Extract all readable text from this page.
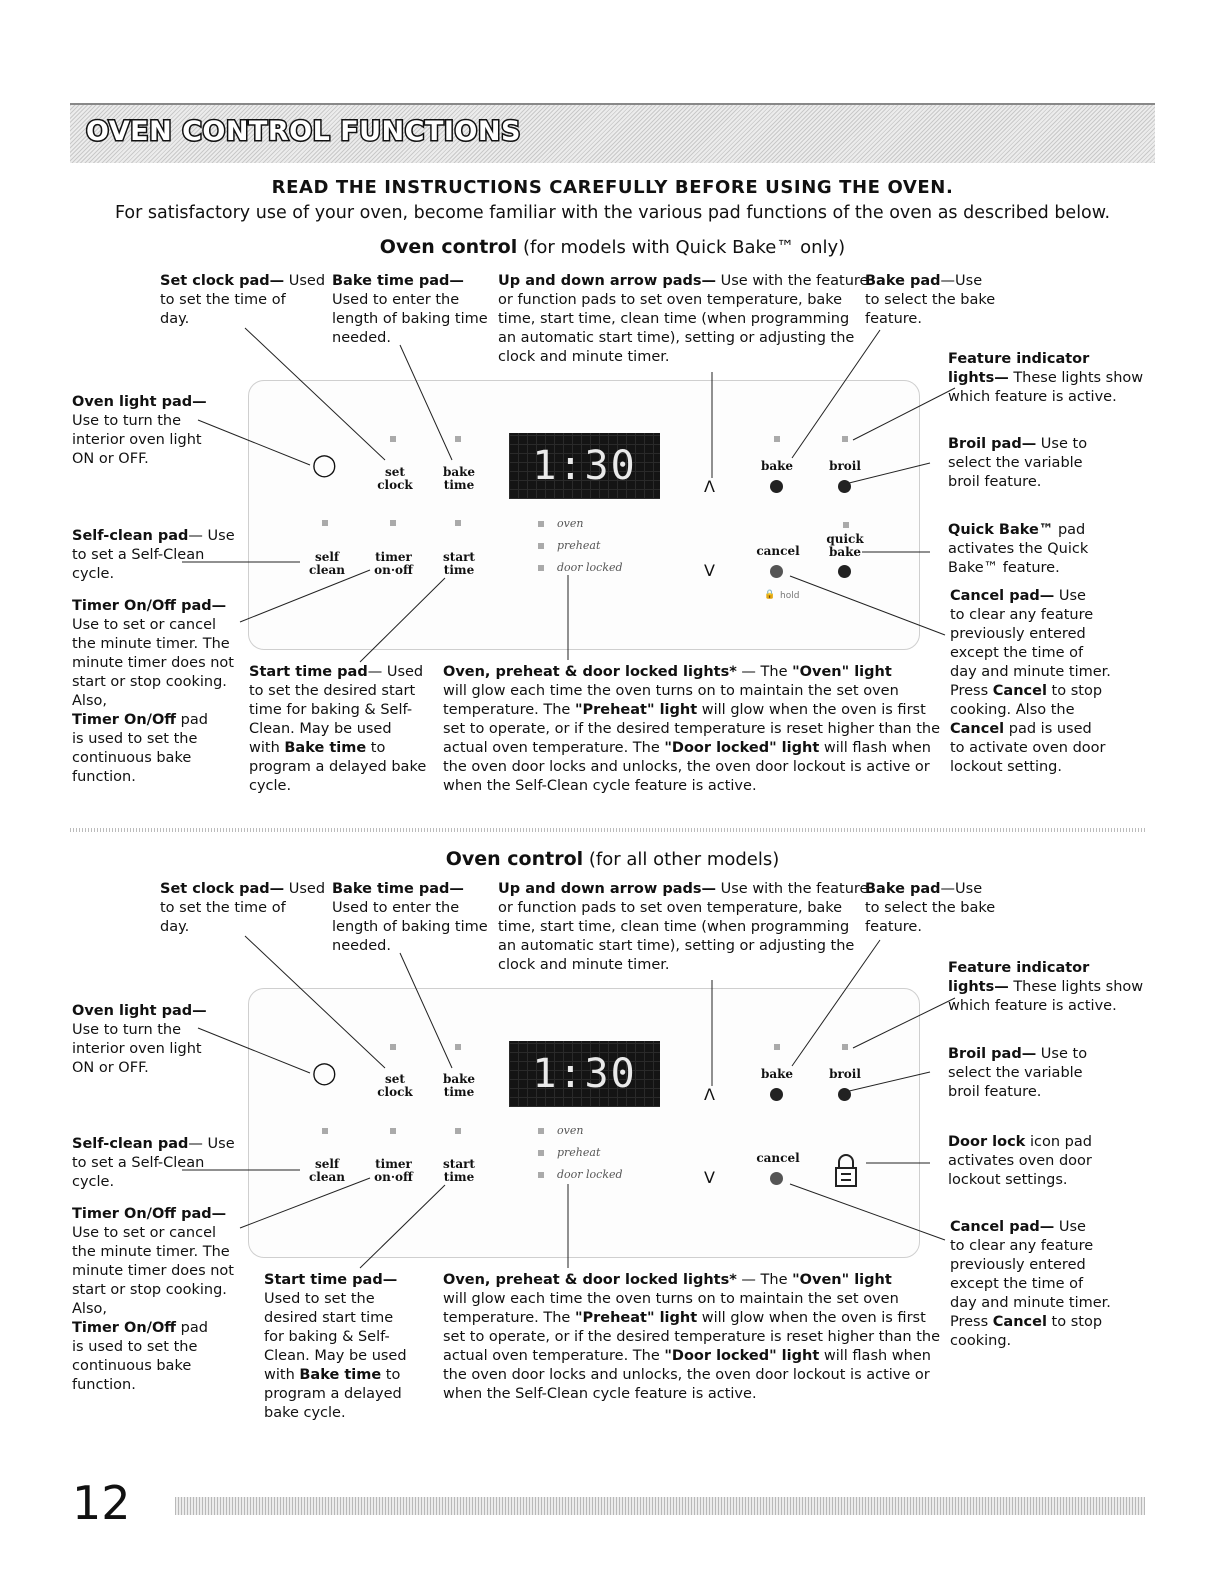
OVEN CONTROL FUNCTIONS
READ THE INSTRUCTIONS CAREFULLY BEFORE USING THE OVEN.
For satisfactory use of your oven, become familiar with the various pad functions of the oven as described below.
Oven control (for models with Quick Bake™ only)
Set clock pad— Used
to set the time of
day.
Bake time pad—
Used to enter the
length of baking time
needed.
Up and down arrow pads— Use with the feature
or function pads to set oven temperature, bake
time, start time, clean time (when programming
an automatic start time), setting or adjusting the
clock and minute timer.
Bake pad—Use
to select the bake
feature.
Feature indicator
lights— These lights show
which feature is active.
Broil pad— Use to
select the variable
broil feature.
Quick Bake™ pad
activates the Quick
Bake™ feature.
Cancel pad— Use
to clear any feature
previously entered
except the time of
day and minute timer.
Press Cancel to stop
cooking. Also the
Cancel pad is used
to activate oven door
lockout setting.
Oven light pad—
Use to turn the
interior oven light
ON or OFF.
Self-clean pad— Use
to set a Self-Clean
cycle.
Timer On/Off pad—
Use to set or cancel
the minute timer. The
minute timer does not
start or stop cooking.
Also,
Timer On/Off pad
is used to set the
continuous bake
function.
Start time pad— Used
to set the desired start
time for baking & Self-
Clean. May be used
with Bake time to
program a delayed bake
cycle.
Oven, preheat & door locked lights* — The "Oven" light
will glow each time the oven turns on to maintain the set oven
temperature. The "Preheat" light will glow when the oven is first
set to operate, or if the desired temperature is reset higher than the
actual oven temperature. The "Door locked" light will flash when
the oven door locks and unlocks, the oven door lockout is active or
when the Self-Clean cycle feature is active.
1:30
◯	set
clock
bake
time
self
clean
timer
on·off
start
time
oven
preheat
door locked
Λ
V
bake	broil
quick
bake
cancel
🔒 hold
Oven control (for all other models)
Set clock pad— Used
to set the time of
day.
Bake time pad—
Used to enter the
length of baking time
needed.
Up and down arrow pads— Use with the feature
or function pads to set oven temperature, bake
time, start time, clean time (when programming
an automatic start time), setting or adjusting the
clock and minute timer.
Bake pad—Use
to select the bake
feature.
Feature indicator
lights— These lights show
which feature is active.
Broil pad— Use to
select the variable
broil feature.
Door lock icon pad
activates oven door
lockout settings.
Cancel pad— Use
to clear any feature
previously entered
except the time of
day and minute timer.
Press Cancel to stop
cooking.
Oven light pad—
Use to turn the
interior oven light
ON or OFF.
Self-clean pad— Use
to set a Self-Clean
cycle.
Timer On/Off pad—
Use to set or cancel
the minute timer. The
minute timer does not
start or stop cooking.
Also,
Timer On/Off pad
is used to set the
continuous bake
function.
Start time pad—
Used to set the
desired start time
for baking & Self-
Clean. May be used
with Bake time to
program a delayed
bake cycle.
Oven, preheat & door locked lights* — The "Oven" light
will glow each time the oven turns on to maintain the set oven
temperature. The "Preheat" light will glow when the oven is first
set to operate, or if the desired temperature is reset higher than the
actual oven temperature. The "Door locked" light will flash when
the oven door locks and unlocks, the oven door lockout is active or
when the Self-Clean cycle feature is active.
1:30
◯	set
clock
bake
time
self
clean
timer
on·off
start
time
oven
preheat
door locked
Λ
V
bake	broil
cancel
12
